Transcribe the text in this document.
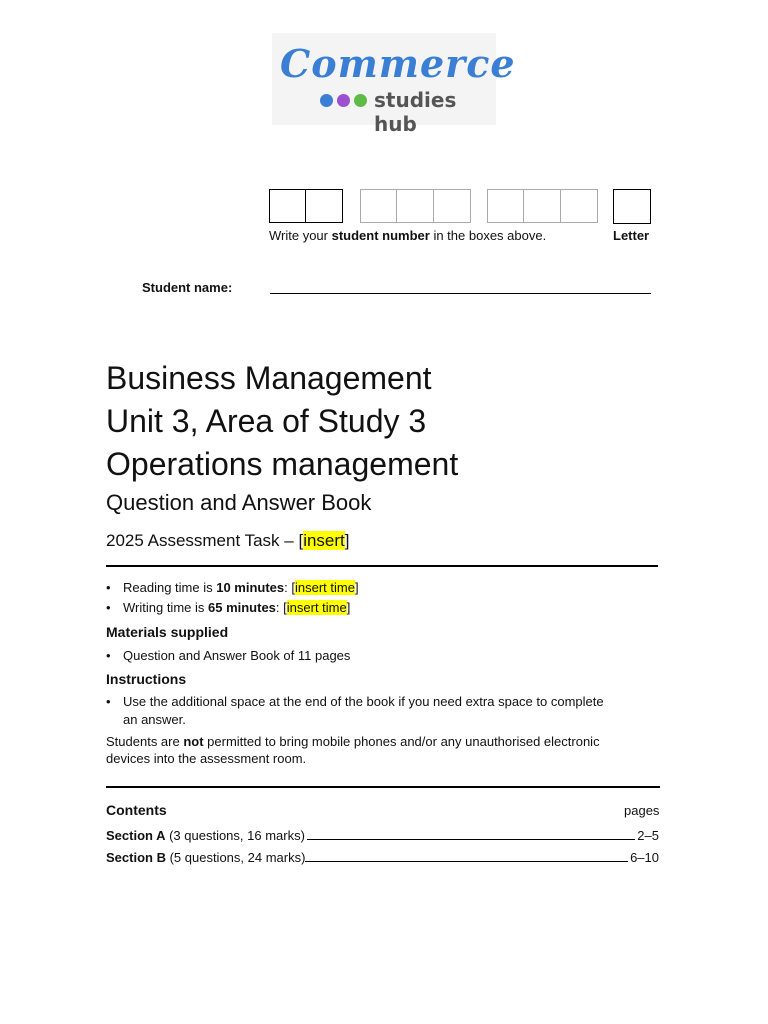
Commerce
studies hub
Write your student number in the boxes above.	Letter
Student name:
Business Management
Unit 3, Area of Study 3
Operations management
Question and Answer Book
2025 Assessment Task – [insert]
• Reading time is 10 minutes: [insert time]
• Writing time is 65 minutes: [insert time]
Materials supplied
• Question and Answer Book of 11 pages
Instructions
• Use the additional space at the end of the book if you need extra space to complete
an answer.
Students are not permitted to bring mobile phones and/or any unauthorised electronic
devices into the assessment room.
Contents	pages
Section A (3 questions, 16 marks)	2–5
Section B (5 questions, 24 marks)	6–10
